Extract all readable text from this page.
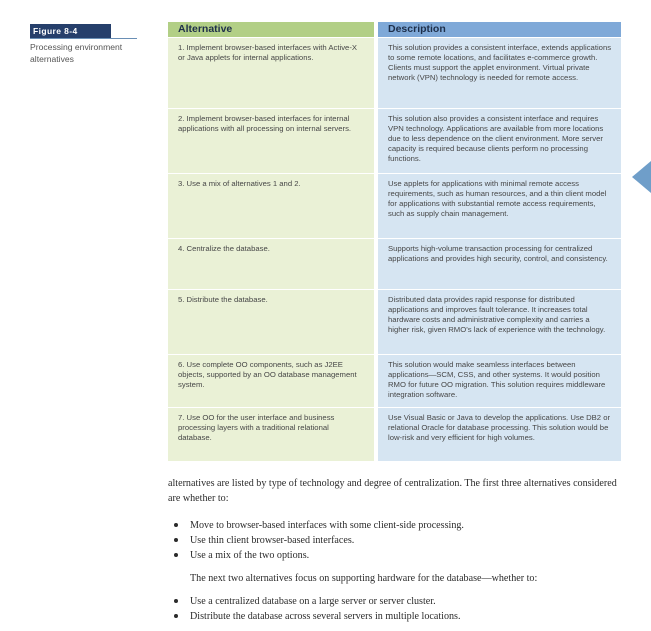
Figure 8-4
Processing environment alternatives
Alternative	Description
1. Implement browser-based interfaces with Active-X or Java applets for internal applications.	This solution provides a consistent interface, extends applications to some remote locations, and facilitates e-commerce growth. Clients must support the applet environment. Virtual private network (VPN) technology is needed for remote access.
2. Implement browser-based interfaces for internal applications with all processing on internal servers.	This solution also provides a consistent interface and requires VPN technology. Applications are available from more locations due to less dependence on the client environment. More server capacity is required because clients perform no processing functions.
3. Use a mix of alternatives 1 and 2.	Use applets for applications with minimal remote access requirements, such as human resources, and a thin client model for applications with substantial remote access requirements, such as supply chain management.
4. Centralize the database.	Supports high-volume transaction processing for centralized applications and provides high security, control, and consistency.
5. Distribute the database.	Distributed data provides rapid response for distributed applications and improves fault tolerance. It increases total hardware costs and administrative complexity and carries a higher risk, given RMO’s lack of experience with the technology.
6. Use complete OO components, such as J2EE objects, supported by an OO database management system.	This solution would make seamless interfaces between applications—SCM, CSS, and other systems. It would position RMO for future OO migration. This solution requires middleware integration software.
7. Use OO for the user interface and business processing layers with a traditional relational database.	Use Visual Basic or Java to develop the applications. Use DB2 or relational Oracle for database processing. This solution would be low-risk and very efficient for high volumes.

alternatives are listed by type of technology and degree of centralization. The first three alternatives considered are whether to:

Move to browser-based interfaces with some client-side processing.
Use thin client browser-based interfaces.
Use a mix of the two options.

The next two alternatives focus on supporting hardware for the database—whether to:

Use a centralized database on a large server or server cluster.
Distribute the database across several servers in multiple locations.
